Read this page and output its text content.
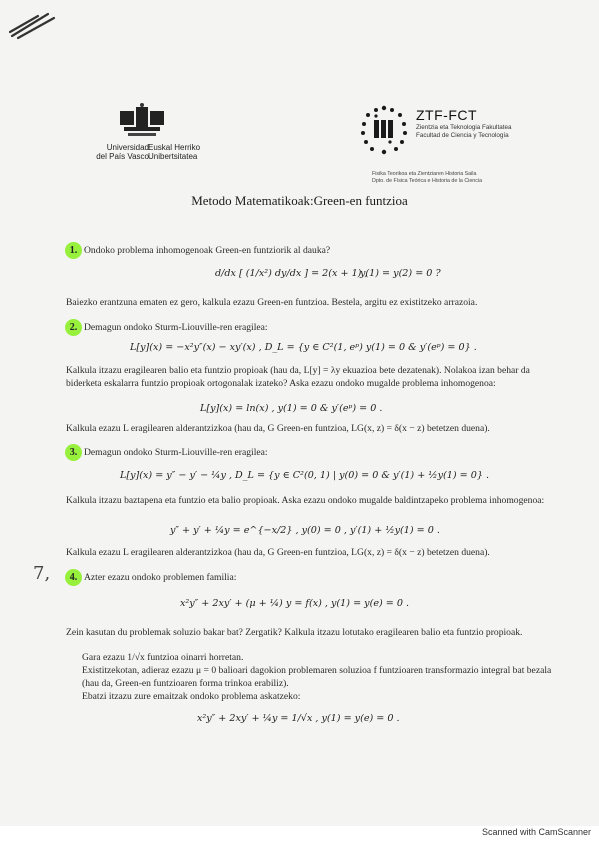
Universidad
del País Vasco
Euskal Herriko
Unibertsitatea
ZTF-FCT
Zientzia eta Teknologia Fakultatea
Facultad de Ciencia y Tecnología
Fisika Teorikoa eta Zientziaren Historia Saila
Dpto. de Física Teórica e Historia de la Ciencia
Metodo Matematikoak:Green-en funtzioa
1. Ondoko problema inhomogenoak Green-en funtziorik al dauka?
d/dx [ (1/x²) dy/dx ] = 2(x + 1) ,
y(1) = y(2) = 0 ?
Baiezko erantzuna ematen ez gero, kalkula ezazu Green-en funtzioa. Bestela, argitu ez existitzeko arrazoia.
2. Demagun ondoko Sturm-Liouville-ren eragilea:
L[y](x) = −x²y″(x) − xy′(x) , D_L = {y ∈ C²(1, eᵖ) y(1) = 0 & y′(eᵖ) = 0} .
Kalkula itzazu eragilearen balio eta funtzio propioak (hau da, L[y] = λy ekuazioa bete dezatenak). Nolakoa izan behar da biderketa eskalarra funtzio propioak ortogonalak izateko? Aska ezazu ondoko mugalde problema inhomogenoa:
L[y](x) = ln(x) , y(1) = 0 & y′(eᵖ) = 0 .
Kalkula ezazu L eragilearen alderantzizkoa (hau da, G Green-en funtzioa, LG(x, z) = δ(x − z) betetzen duena).
3. Demagun ondoko Sturm-Liouville-ren eragilea:
L[y](x) = y″ − y′ − ¼y , D_L = {y ∈ C²(0, 1) | y(0) = 0 & y′(1) + ½y(1) = 0} .
Kalkula itzazu baztapena eta funtzio eta balio propioak. Aska ezazu ondoko mugalde baldintzapeko problema inhomogenoa:
y″ + y′ + ¼y = e^{−x/2} , y(0) = 0 , y′(1) + ½y(1) = 0 .
Kalkula ezazu L eragilearen alderantzizkoa (hau da, G Green-en funtzioa, LG(x, z) = δ(x − z) betetzen duena).
7,	4. Azter ezazu ondoko problemen familia:
x²y″ + 2xy′ + (μ + ¼) y = f(x) , y(1) = y(e) = 0 .
Zein kasutan du problemak soluzio bakar bat? Zergatik? Kalkula itzazu lotutako eragilearen balio eta funtzio propioak.
Gara ezazu 1/√x funtzioa oinarri horretan.
Existitzekotan, adieraz ezazu μ = 0 balioari dagokion problemaren soluzioa f funtzioaren transformazio integral bat bezala (hau da, Green-en funtzioaren forma trinkoa erabiliz).
Ebatzi itzazu zure emaitzak ondoko problema askatzeko:
x²y″ + 2xy′ + ¼y = 1/√x , y(1) = y(e) = 0 .
Scanned with CamScanner
